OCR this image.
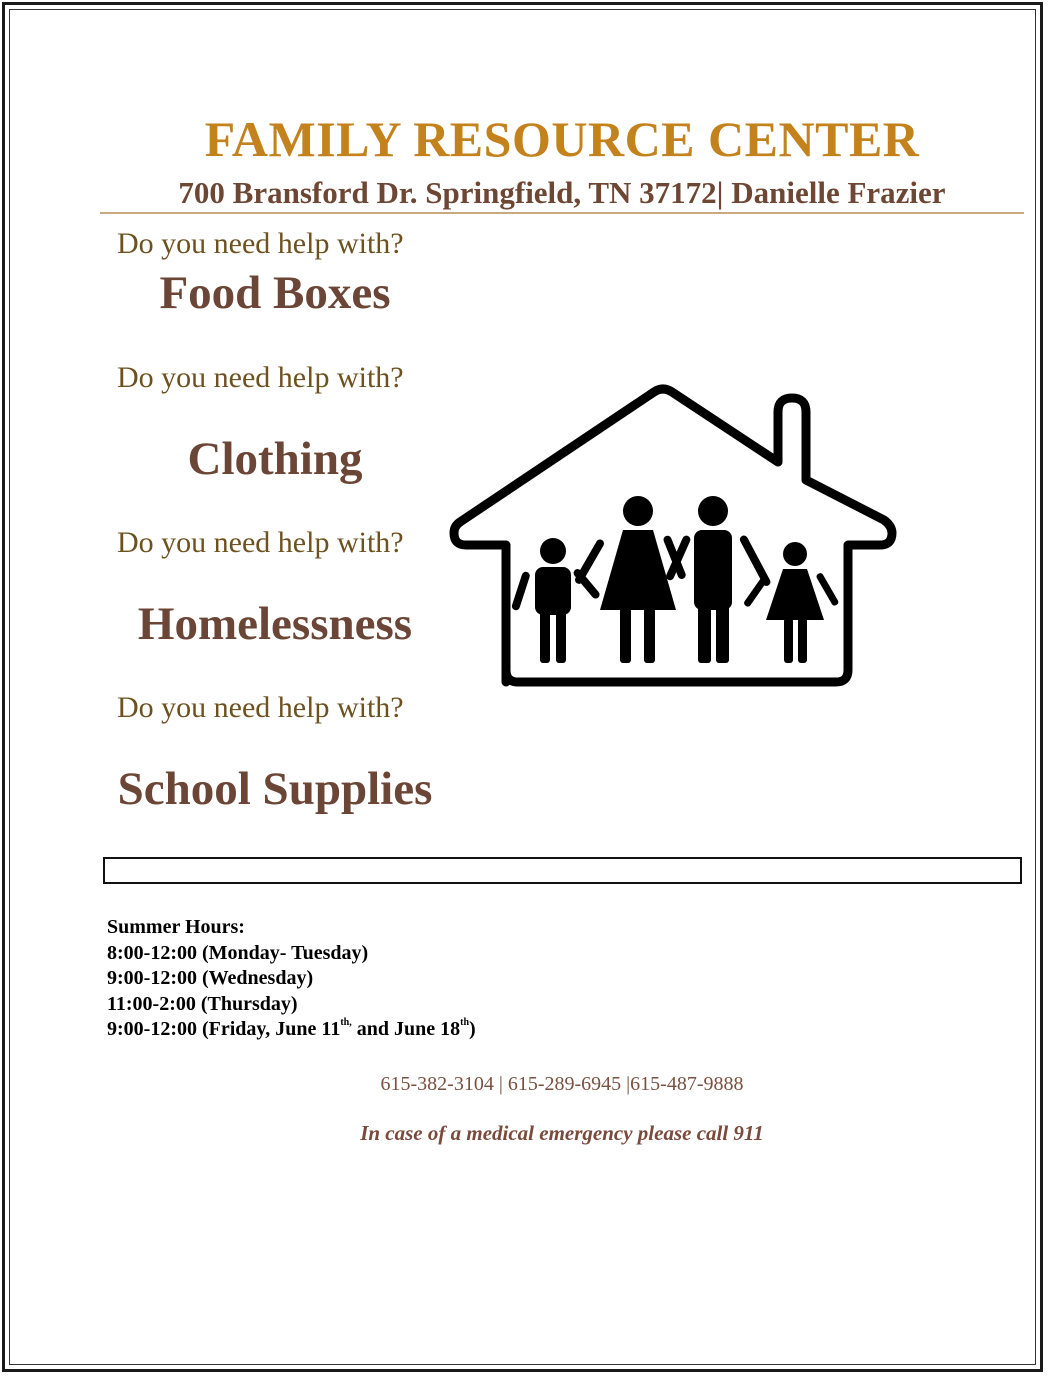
FAMILY RESOURCE CENTER
700 Bransford Dr. Springfield, TN 37172| Danielle Frazier
Do you need help with?
Food Boxes
Do you need help with?
Clothing
Do you need help with?
Homelessness
Do you need help with?
School Supplies
Summer Hours:
8:00-12:00 (Monday- Tuesday)
9:00-12:00 (Wednesday)
11:00-2:00 (Thursday)
9:00-12:00 (Friday, June $11^{th,}$ and June 18th)
615-382-3104 | 615-289-6945 |615-487-9888
In case of a medical emergency please call 911
